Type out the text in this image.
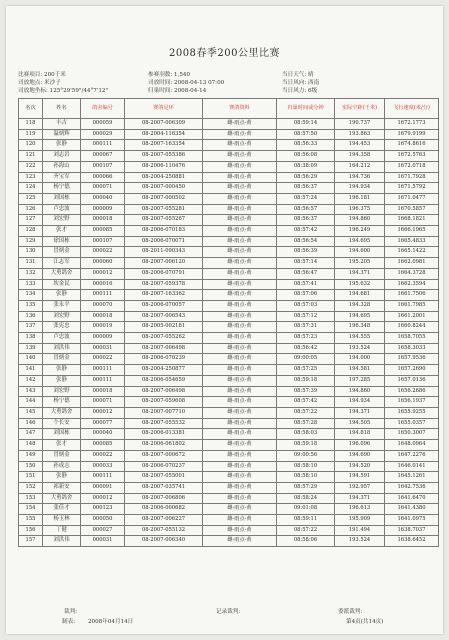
2008春季200公里比赛
比赛项目: 200千米	参赛羽数: 1,540	当日天气: 晴
司放地点: 米沙子	司放时间: 2008-04-13 07:00	当日风向: 西南
司放地坐标: 125°29'59"/44°7'12"	归巢时间: 2008-04-14	当日风力: 6级
名次	姓名	鸽舍编号	赛鸽足环	赛鸽资料	归巢时间或分钟	实际空距(千米)	飞行速度(米/分)
118	丰吉	000059	08-2007-006309	雌-雨点-黄	08:59:14	190.737	1672.1773
119	温炳辉	000029	08-2004-116354	雌-雨点-黄	08:57:50	193.863	1679.9199
120	张静	000111	08-2007-163354	雌-雨点-黄	08:56:33	194.453	1674.8616
121	刘志岩	000067	08-2007-055386	雌-雨点-黄	08:56:08	194.358	1672.5763
122	孙海山	000107	08-2006-110476	雌-雨点-黄	08:38:09	164.212	1672.0718
123	齐宝军	000066	08-2004-250881	雌-雨点-黄	08:56:29	194.736	1671.7928
124	杨宁德	000071	08-2007-000450	雌-雨点-黄	08:56:37	194.934	1671.5792
125	刘国栋	000040	08-2007-000502	雌-雨点-黄	08:57:24	196.181	1671.0477
126	卢忠波	000009	08-2007-055281	雌-雨点-黄	08:56:57	196.375	1670.5857
127	刘宏野	000018	08-2007-055267	雌-雨点-黄	08:56:37	194.860	1668.1821
128	张才	000085	08-2006-070183	雌-雨点-黄	08:57:42	196.249	1666.1965
129	徐国栋	000107	08-2006-070071	雌-雨点-黄	08:56:54	194.695	1665.4833
130	冒炳金	000022	08-2011-090343	雌-雨点-黄	08:56:39	194.600	1665.1422
131	江志军	000060	08-2007-006120	雌-雨点-黄	08:57:14	195.205	1662.0981
132	大勇鸽舍	000012	08-2006-070791	雌-雨点-黄	08:56:47	194.371	1664.3728
133	坎金民	000016	08-2007-059378	雌-雨点-黄	08:57:41	195.632	1662.3594
134	张静	000111	08-2007-163362	雌-雨点-黄	08:57:06	194.681	1661.7506
135	张永平	000070	08-2006-070057	雌-雨点-黄	08:57:03	194.328	1661.7985
136	刘宏野	000018	08-2007-006543	雌-雨点-黄	08:57:12	194.695	1661.2001
137	张宪忠	000019	08-2005-002181	雌-雨点-黄	08:57:31	196.348	1660.8244
138	卢忠波	000009	08-2007-055262	雌-雨点-黄	08:57:23	194.555	1658.7055
139	刘洪伟	000031	08-2007-006498	雌-雨点-黄	08:56:42	193.524	1658.3033
140	冒炳金	000022	08-2006-070239	雌-雨点-黄	09:00:05	194.000	1657.9536
141	张静	000111	08-2004-250877	雌-雨点-黄	08:57:25	194.581	1657.2690
142	张静	000111	08-2006-054659	雌-雨点-黄	08:59:18	197.285	1657.0136
143	刘宏野	000018	08-2007-006498	雌-雨点-黄	08:57:39	194.860	1656.2686
144	杨宁德	000071	08-2007-059608	雌-雨点-黄	08:57:42	194.934	1656.1937
145	大勇鸽舍	000012	08-2007-007710	雌-雨点-黄	08:57:22	194.371	1655.9255
146	个长安	000077	08-2007-055532	雌-雨点-黄	08:57:28	194.505	1655.0357
147	刘国栋	000040	08-2006-013381	雌-雨点-黄	08:58:03	194.818	1650.3007
148	张才	000085	08-2006-061802	雌-雨点-黄	08:59:18	196.096	1648.0964
149	冒炳金	000022	08-2007-000672	雌-雨点-黄	09:00:56	194.690	1647.2276
150	孙成志	000033	08-2006-070237	雌-雨点-黄	08:58:10	194.520	1646.0141
151	张静	000111	08-2007-055001	雌-雨点-黄	08:58:10	194.591	1645.1261
152	祁新安	000091	08-2007-035741	雌-雨点-黄	08:57:29	192.957	1642.7536
153	大勇鸽舍	000012	08-2007-006806	雌-雨点-黄	08:58:24	194.371	1641.6470
154	张佳才	000123	08-2006-000682	雌-雨点-黄	09:01:08	196.613	1641.4380
155	杨玉林	000050	08-2007-006227	雌-雨点-黄	08:59:11	195.909	1641.0975
156	丁健	000027	08-2007-055132	雌-雨点-黄	08:57:22	191.494	1638.7037
157	刘洪伟	000031	08-2007-006340	雌-雨点-黄	08:58:06	193.524	1638.6452
裁判:	记录裁判:	委派裁判:
制表: 2008年04月14日	第4页(共14页)
